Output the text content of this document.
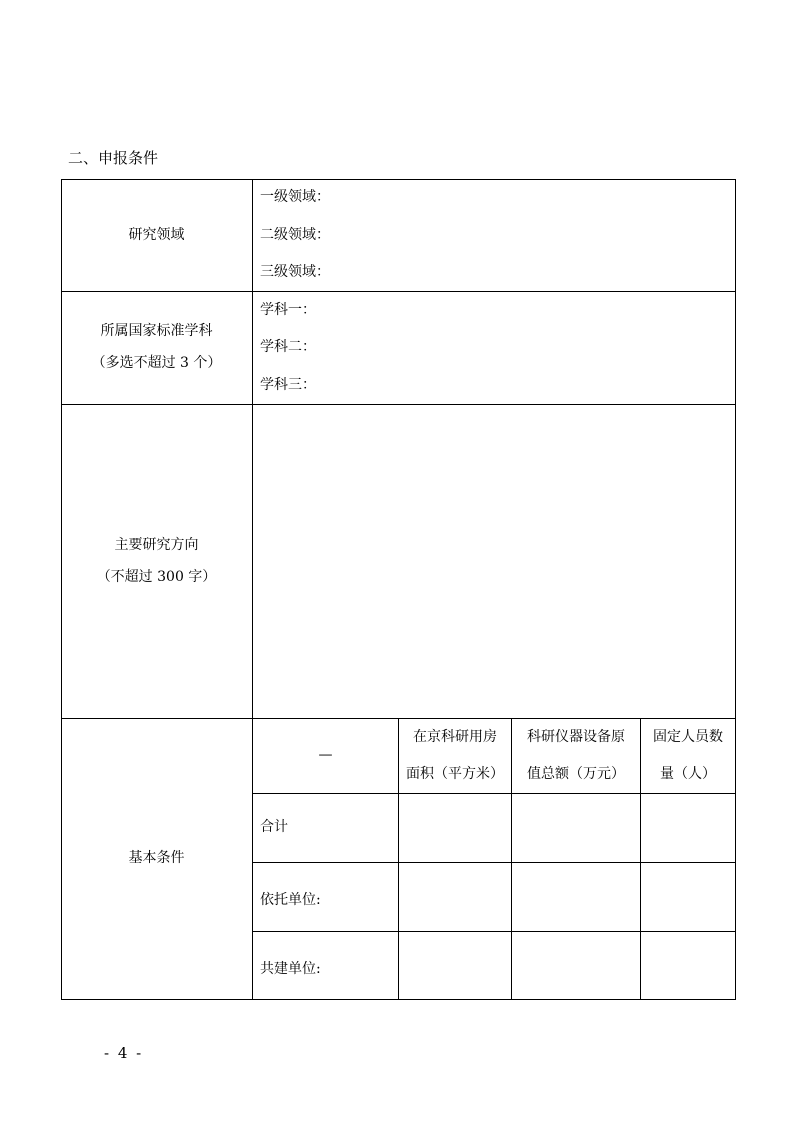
二、申报条件
研究领域
一级领域：
二级领域：
三级领域：
所属国家标准学科
（多选不超过 3 个）
学科一：
学科二：
学科三：
主要研究方向
（不超过 300 字）
基本条件
—
在京科研用房
面积（平方米）
科研仪器设备原
值总额（万元）
固定人员数
量（人）
合计
依托单位:
共建单位:
- 4 -
